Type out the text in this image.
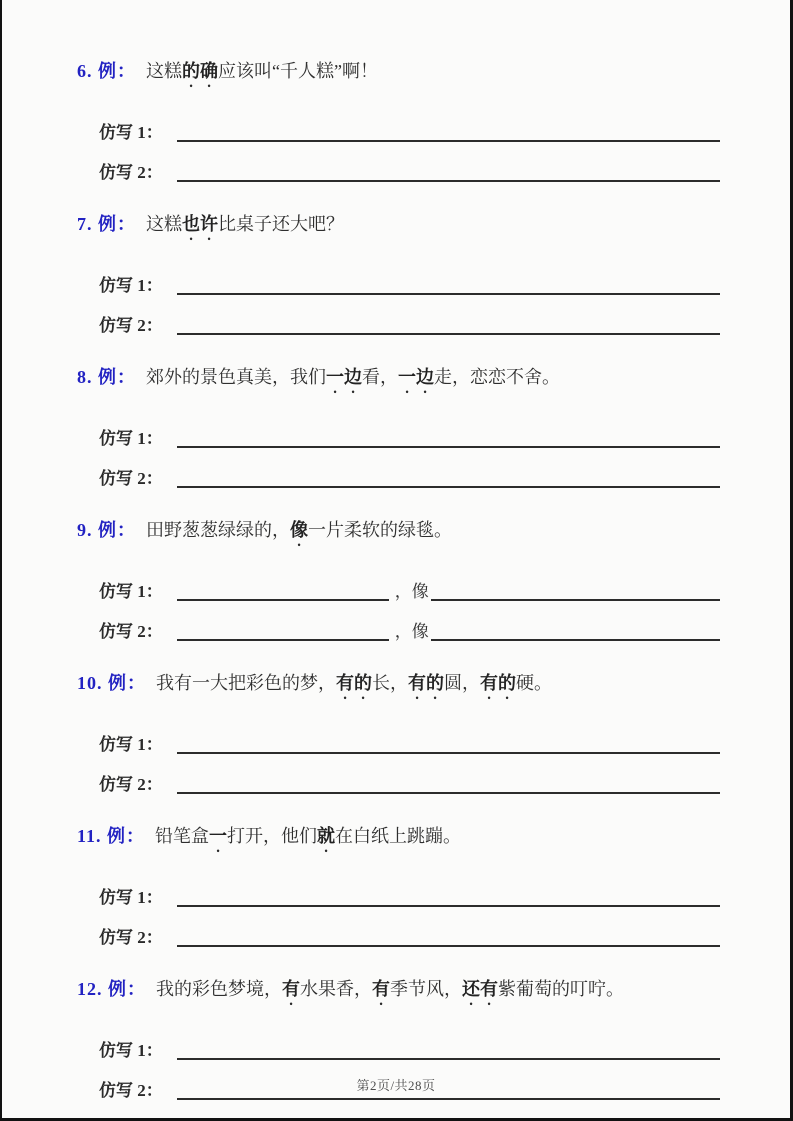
6. 例： 这糕的确应该叫“千人糕”啊！
仿写 1：
仿写 2：
7. 例： 这糕也许比桌子还大吧？
仿写 1：
仿写 2：
8. 例： 郊外的景色真美，我们一边看，一边走，恋恋不舍。
仿写 1：
仿写 2：
9. 例： 田野葱葱绿绿的，像一片柔软的绿毯。
仿写 1：	，像
仿写 2：	，像
10. 例： 我有一大把彩色的梦，有的长，有的圆，有的硬。
仿写 1：
仿写 2：
11. 例： 铅笔盒一打开，他们就在白纸上跳蹦。
仿写 1：
仿写 2：
12. 例： 我的彩色梦境，有水果香，有季节风，还有紫葡萄的叮咛。
仿写 1：
仿写 2：	第2页/共28页
